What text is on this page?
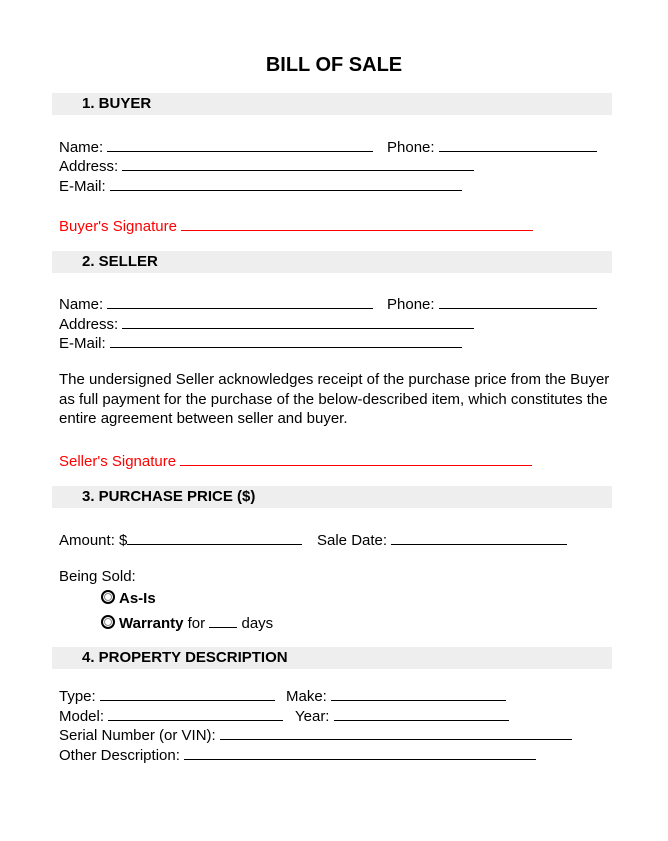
BILL OF SALE
1. BUYER
Name:	Phone:
Address:
E-Mail:
Buyer's Signature
2. SELLER
Name:	Phone:
Address:
E-Mail:
The undersigned Seller acknowledges receipt of the purchase price from the Buyer as full payment for the purchase of the below-described item, which constitutes the entire agreement between seller and buyer.
Seller's Signature
3. PURCHASE PRICE ($)
Amount: $	Sale Date:
Being Sold:
As-Is
Warranty for days
4. PROPERTY DESCRIPTION
Type:	Make:
Model:	Year:
Serial Number (or VIN):
Other Description:
